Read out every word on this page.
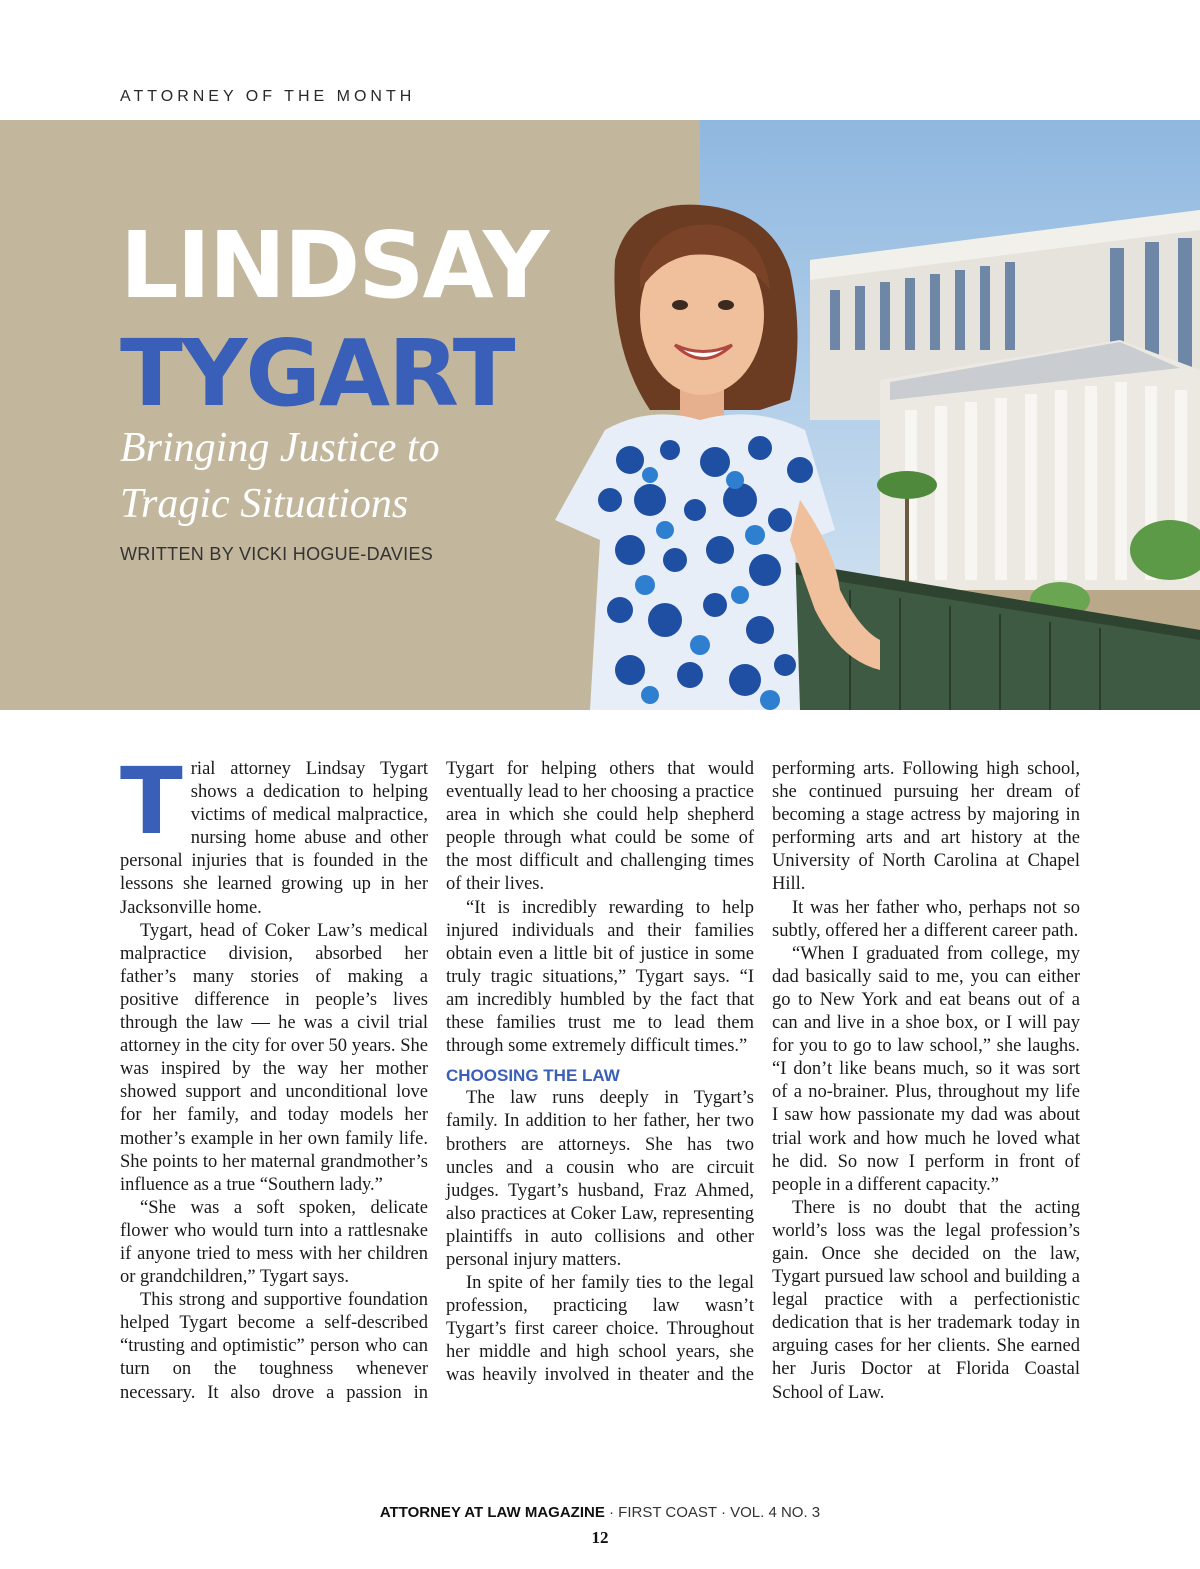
ATTORNEY OF THE MONTH
LINDSAY
TYGART
Bringing Justice to
Tragic Situations
WRITTEN BY VICKI HOGUE-DAVIES

Trial attorney Lindsay Tygart shows a dedication to helping victims of medical malpractice, nursing home abuse and other personal injuries that is founded in the lessons she learned growing up in her Jacksonville home.

Tygart, head of Coker Law’s medical malpractice division, absorbed her father’s many stories of making a positive difference in people’s lives through the law — he was a civil trial attorney in the city for over 50 years. She was inspired by the way her mother showed support and unconditional love for her family, and today models her mother’s example in her own family life. She points to her maternal grandmother’s influence as a true “Southern lady.”

“She was a soft spoken, delicate flower who would turn into a rattlesnake if anyone tried to mess with her children or grandchildren,” Tygart says.

This strong and supportive foundation helped Tygart become a self-described “trusting and optimistic” person who can turn on the toughness whenever necessary. It also drove a passion in Tygart for helping others that would eventually lead to her choosing a practice area in which she could help shepherd people through what could be some of the most difficult and challenging times of their lives.

“It is incredibly rewarding to help injured individuals and their families obtain even a little bit of justice in some truly tragic situations,” Tygart says. “I am incredibly humbled by the fact that these families trust me to lead them through some extremely difficult times.”

CHOOSING THE LAW

The law runs deeply in Tygart’s family. In addition to her father, her two brothers are attorneys. She has two uncles and a cousin who are circuit judges. Tygart’s husband, Fraz Ahmed, also practices at Coker Law, representing plaintiffs in auto collisions and other personal injury matters.

In spite of her family ties to the legal profession, practicing law wasn’t Tygart’s first career choice. Throughout her middle and high school years, she was heavily involved in theater and the performing arts. Following high school, she continued pursuing her dream of becoming a stage actress by majoring in performing arts and art history at the University of North Carolina at Chapel Hill.

It was her father who, perhaps not so subtly, offered her a different career path.

“When I graduated from college, my dad basically said to me, you can either go to New York and eat beans out of a can and live in a shoe box, or I will pay for you to go to law school,” she laughs. “I don’t like beans much, so it was sort of a no-brainer. Plus, throughout my life I saw how passionate my dad was about trial work and how much he loved what he did. So now I perform in front of people in a different capacity.”

There is no doubt that the acting world’s loss was the legal profession’s gain. Once she decided on the law, Tygart pursued law school and building a legal practice with a perfectionistic dedication that is her trademark today in arguing cases for her clients. She earned her Juris Doctor at Florida Coastal School of Law.

ATTORNEY AT LAW MAGAZINE · FIRST COAST · VOL. 4 NO. 3
12
